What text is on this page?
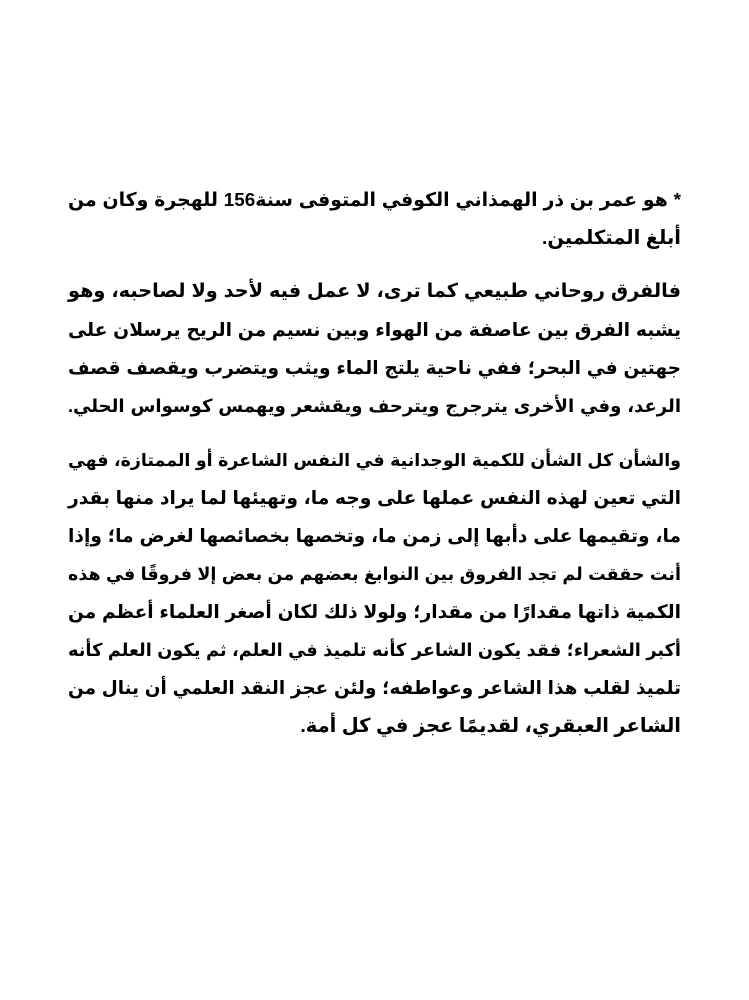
* هو عمر بن ذر الهمذاني الكوفي المتوفى سنة156 للهجرة وكان من
أبلغ المتكلمين.
فالفرق روحاني طبيعي كما ترى، لا عمل فيه لأحد ولا لصاحبه، وهو
يشبه الفرق بين عاصفة من الهواء وبين نسيم من الريح يرسلان على
جهتين في البحر؛ ففي ناحية يلتج الماء ويثب ويتضرب ويقصف قصف
الرعد، وفي الأخرى يترجرج ويترحف ويقشعر ويهمس كوسواس الحلي.
والشأن كل الشأن للكمية الوجدانية في النفس الشاعرة أو الممتازة، فهي
التي تعين لهذه النفس عملها على وجه ما، وتهيئها لما يراد منها بقدر
ما، وتقيمها على دأبها إلى زمن ما، وتخصها بخصائصها لغرض ما؛ وإذا
أنت حققت لم تجد الفروق بين النوابغ بعضهم من بعض إلا فروقًا في هذه
الكمية ذاتها مقدارًا من مقدار؛ ولولا ذلك لكان أصغر العلماء أعظم من
أكبر الشعراء؛ فقد يكون الشاعر كأنه تلميذ في العلم، ثم يكون العلم كأنه
تلميذ لقلب هذا الشاعر وعواطفه؛ ولئن عجز النقد العلمي أن ينال من
الشاعر العبقري، لقديمًا عجز في كل أمة.
